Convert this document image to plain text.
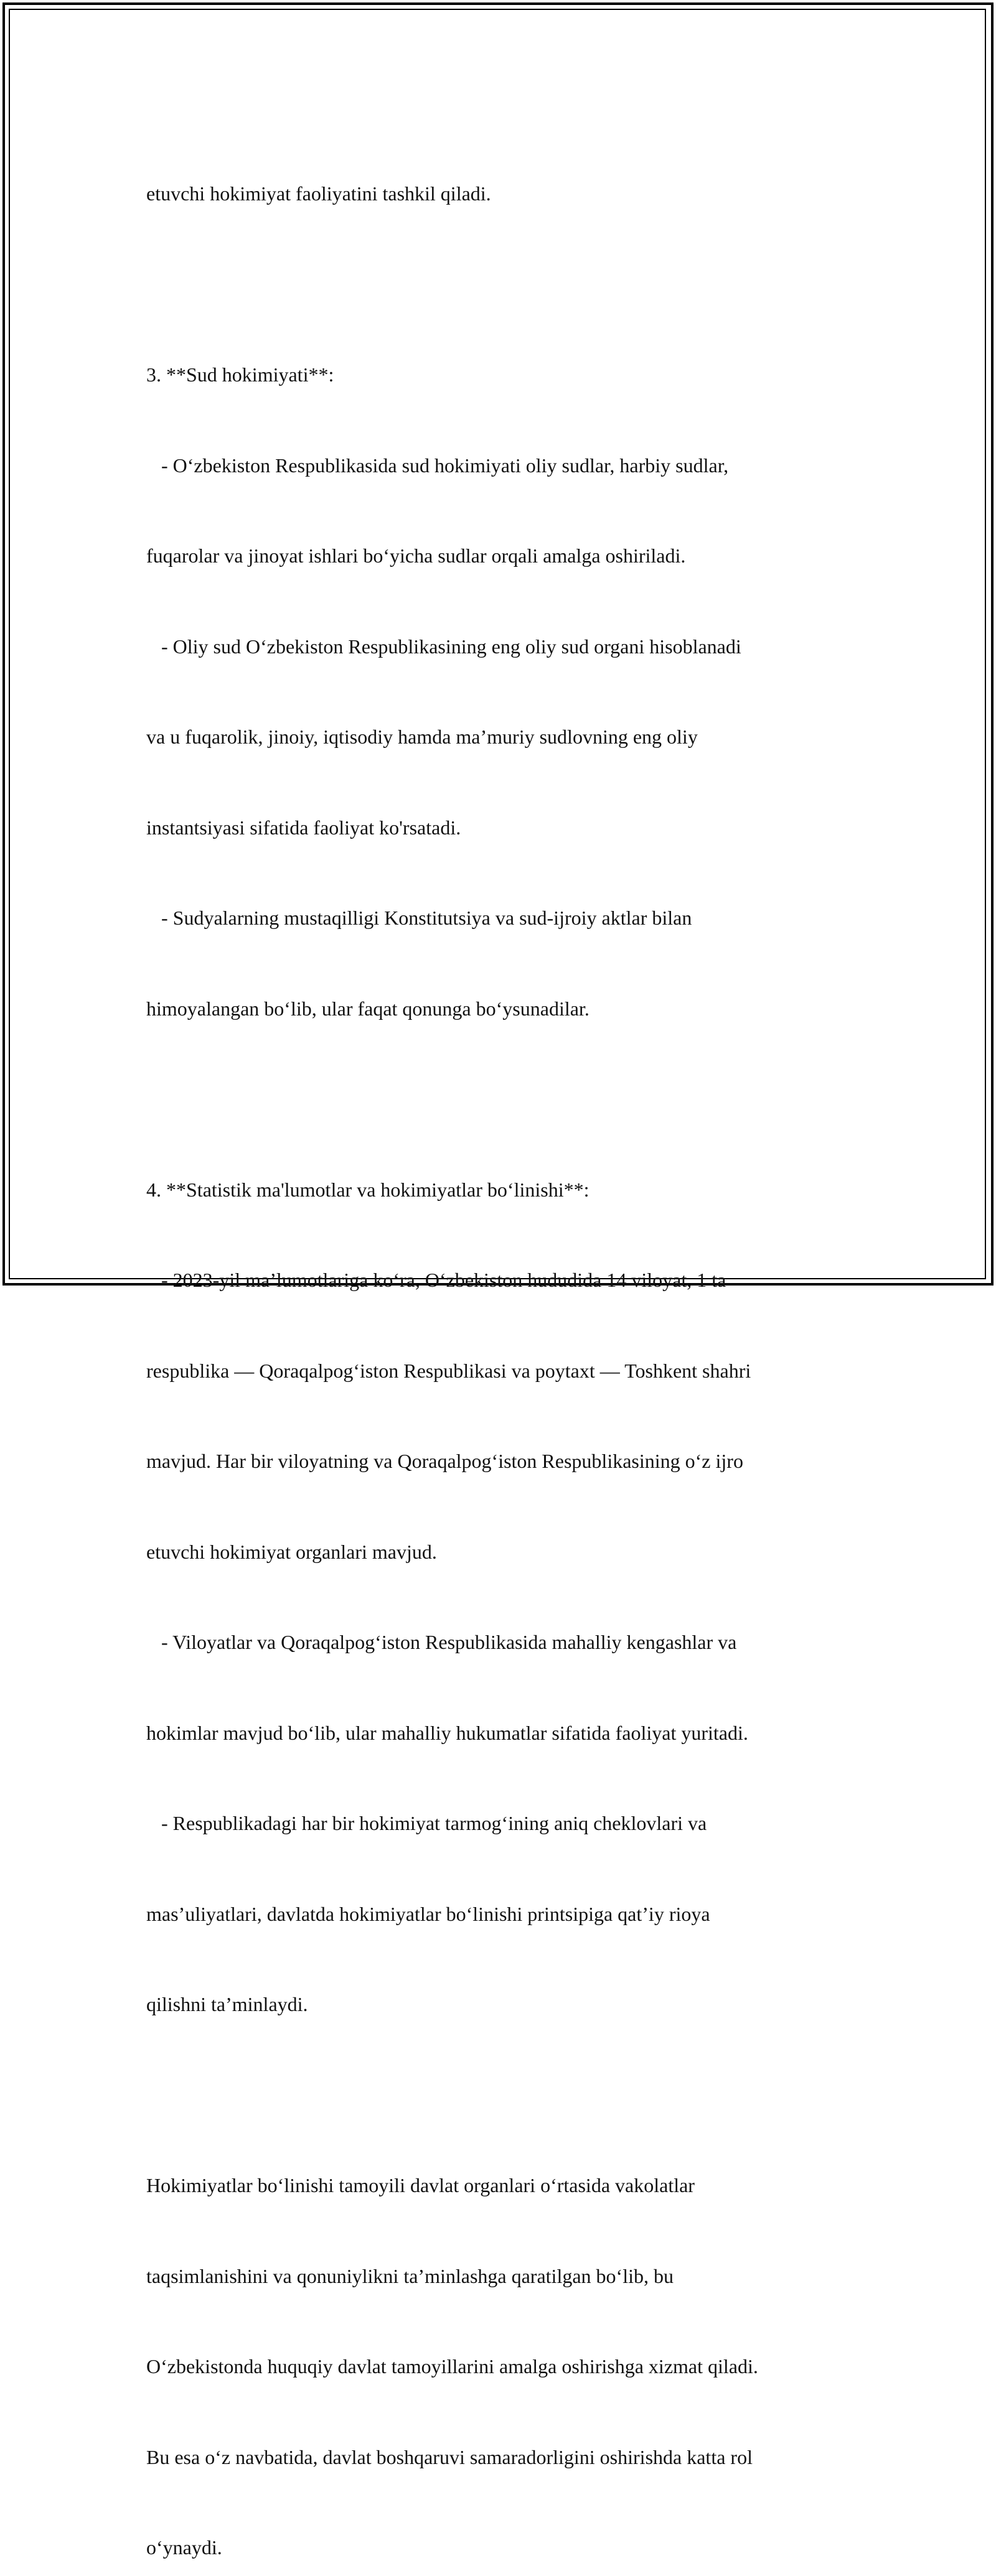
etuvchi hokimiyat faoliyatini tashkil qiladi.

3. **Sud hokimiyati**:

- Oʻzbekiston Respublikasida sud hokimiyati oliy sudlar, harbiy sudlar,

fuqarolar va jinoyat ishlari boʻyicha sudlar orqali amalga oshiriladi.

- Oliy sud Oʻzbekiston Respublikasining eng oliy sud organi hisoblanadi

va u fuqarolik, jinoiy, iqtisodiy hamda maʼmuriy sudlovning eng oliy

instantsiyasi sifatida faoliyat ko'rsatadi.

- Sudyalarning mustaqilligi Konstitutsiya va sud-ijroiy aktlar bilan

himoyalangan boʻlib, ular faqat qonunga boʻysunadilar.

4. **Statistik ma'lumotlar va hokimiyatlar boʻlinishi**:

- 2023-yil maʼlumotlariga koʻra, Oʻzbekiston hududida 14 viloyat, 1 ta

respublika — Qoraqalpogʻiston Respublikasi va poytaxt — Toshkent shahri

mavjud. Har bir viloyatning va Qoraqalpogʻiston Respublikasining oʻz ijro

etuvchi hokimiyat organlari mavjud.

- Viloyatlar va Qoraqalpogʻiston Respublikasida mahalliy kengashlar va

hokimlar mavjud boʻlib, ular mahalliy hukumatlar sifatida faoliyat yuritadi.

- Respublikadagi har bir hokimiyat tarmogʻining aniq cheklovlari va

masʼuliyatlari, davlatda hokimiyatlar boʻlinishi printsipiga qatʼiy rioya

qilishni taʼminlaydi.

Hokimiyatlar boʻlinishi tamoyili davlat organlari oʻrtasida vakolatlar

taqsimlanishini va qonuniylikni taʼminlashga qaratilgan boʻlib, bu

Oʻzbekistonda huquqiy davlat tamoyillarini amalga oshirishga xizmat qiladi.

Bu esa oʻz navbatida, davlat boshqaruvi samaradorligini oshirishda katta rol

oʻynaydi.
